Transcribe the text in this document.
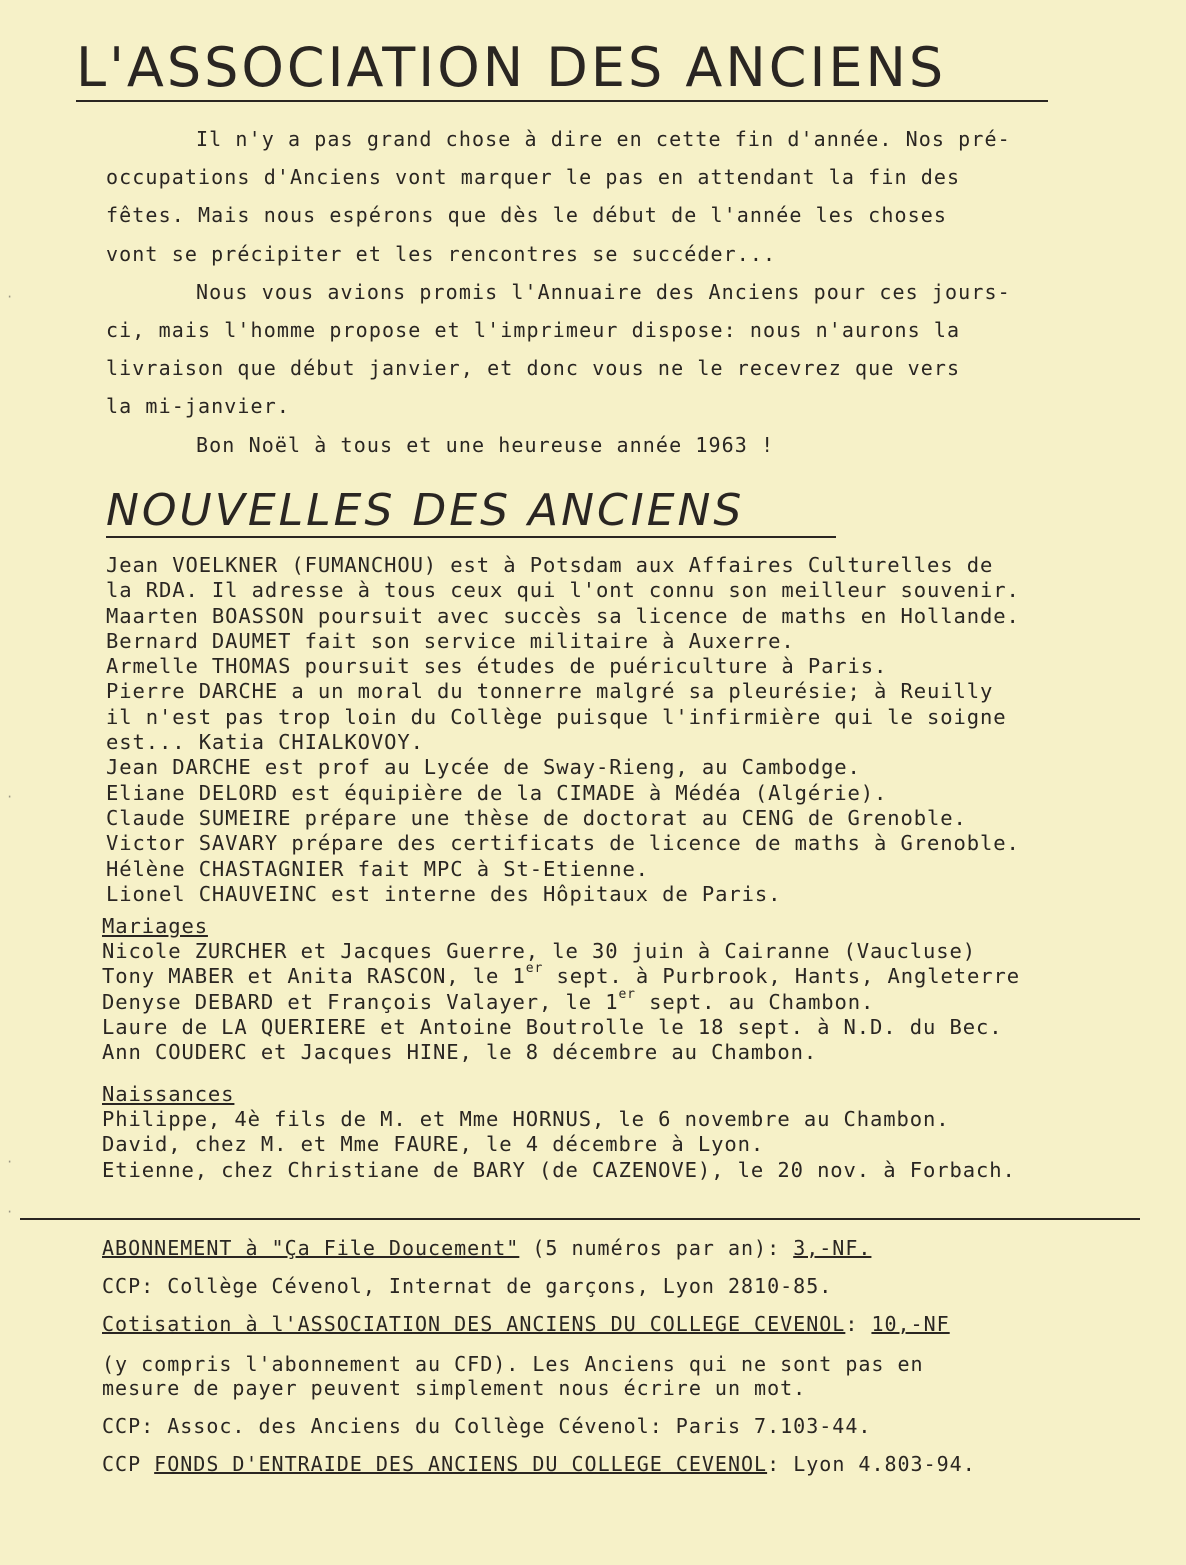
L'ASSOCIATION DES ANCIENS

Il n'y a pas grand chose à dire en cette fin d'année. Nos pré-

occupations d'Anciens vont marquer le pas en attendant la fin des

fêtes. Mais nous espérons que dès le début de l'année les choses

vont se précipiter et les rencontres se succéder...

Nous vous avions promis l'Annuaire des Anciens pour ces jours-

ci, mais l'homme propose et l'imprimeur dispose: nous n'aurons la

livraison que début janvier, et donc vous ne le recevrez que vers

la mi-janvier.

Bon Noël à tous et une heureuse année 1963 !

NOUVELLES DES ANCIENS

Jean VOELKNER (FUMANCHOU) est à Potsdam aux Affaires Culturelles de

la RDA. Il adresse à tous ceux qui l'ont connu son meilleur souvenir.

Maarten BOASSON poursuit avec succès sa licence de maths en Hollande.

Bernard DAUMET fait son service militaire à Auxerre.

Armelle THOMAS poursuit ses études de puériculture à Paris.

Pierre DARCHE a un moral du tonnerre malgré sa pleurésie; à Reuilly

il n'est pas trop loin du Collège puisque l'infirmière qui le soigne

est... Katia CHIALKOVOY.

Jean DARCHE est prof au Lycée de Sway-Rieng, au Cambodge.

Eliane DELORD est équipière de la CIMADE à Médéa (Algérie).

Claude SUMEIRE prépare une thèse de doctorat au CENG de Grenoble.

Victor SAVARY prépare des certificats de licence de maths à Grenoble.

Hélène CHASTAGNIER fait MPC à St-Etienne.

Lionel CHAUVEINC est interne des Hôpitaux de Paris.

Mariages

Nicole ZURCHER et Jacques Guerre, le 30 juin à Cairanne (Vaucluse)

Tony MABER et Anita RASCON, le 1er sept. à Purbrook, Hants, Angleterre

Denyse DEBARD et François Valayer, le 1er sept. au Chambon.

Laure de LA QUERIERE et Antoine Boutrolle le 18 sept. à N.D. du Bec.

Ann COUDERC et Jacques HINE, le 8 décembre au Chambon.

Naissances

Philippe, 4è fils de M. et Mme HORNUS, le 6 novembre au Chambon.

David, chez M. et Mme FAURE, le 4 décembre à Lyon.

Etienne, chez Christiane de BARY (de CAZENOVE), le 20 nov. à Forbach.

ABONNEMENT à "Ça File Doucement" (5 numéros par an): 3,-NF.
CCP: Collège Cévenol, Internat de garçons, Lyon 2810-85.
Cotisation à l'ASSOCIATION DES ANCIENS DU COLLEGE CEVENOL: 10,-NF
(y compris l'abonnement au CFD). Les Anciens qui ne sont pas en
mesure de payer peuvent simplement nous écrire un mot.
CCP: Assoc. des Anciens du Collège Cévenol: Paris 7.103-44.
CCP FONDS D'ENTRAIDE DES ANCIENS DU COLLEGE CEVENOL: Lyon 4.803-94.
·
·
·
·
